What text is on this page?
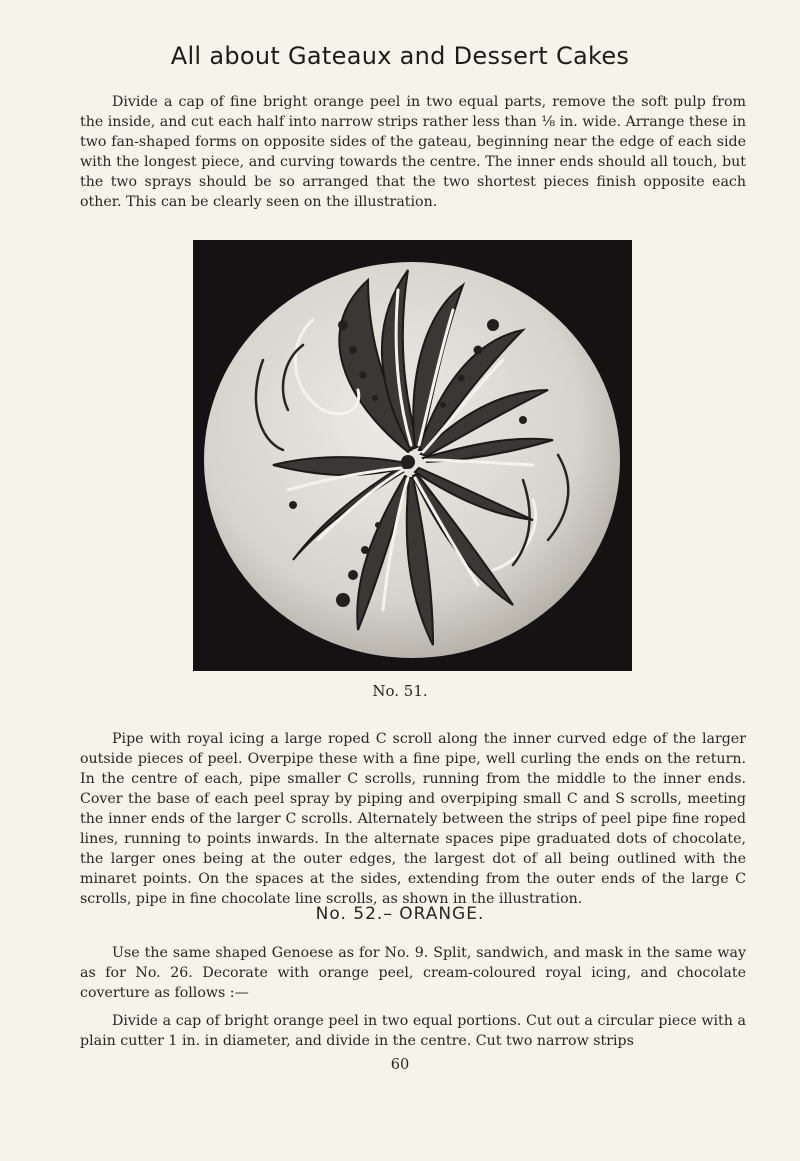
All about Gateaux and Dessert Cakes

Divide a cap of fine bright orange peel in two equal parts, remove the soft pulp from the inside, and cut each half into narrow strips rather less than ⅛ in. wide. Arrange these in two fan-shaped forms on opposite sides of the gateau, beginning near the edge of each side with the longest piece, and curving towards the centre. The inner ends should all touch, but the two sprays should be so arranged that the two shortest pieces finish opposite each other. This can be clearly seen on the illustration.

No. 51.

Pipe with royal icing a large roped C scroll along the inner curved edge of the larger outside pieces of peel. Overpipe these with a fine pipe, well curling the ends on the return. In the centre of each, pipe smaller C scrolls, running from the middle to the inner ends. Cover the base of each peel spray by piping and overpiping small C and S scrolls, meeting the inner ends of the larger C scrolls. Alternately between the strips of peel pipe fine roped lines, running to points inwards. In the alternate spaces pipe graduated dots of chocolate, the larger ones being at the outer edges, the largest dot of all being outlined with the minaret points. On the spaces at the sides, extending from the outer ends of the large C scrolls, pipe in fine chocolate line scrolls, as shown in the illustration.

No. 52.– ORANGE.

Use the same shaped Genoese as for No. 9. Split, sandwich, and mask in the same way as for No. 26. Decorate with orange peel, cream-coloured royal icing, and chocolate coverture as follows :—

Divide a cap of bright orange peel in two equal portions. Cut out a circular piece with a plain cutter 1 in. in diameter, and divide in the centre. Cut two narrow strips

60
